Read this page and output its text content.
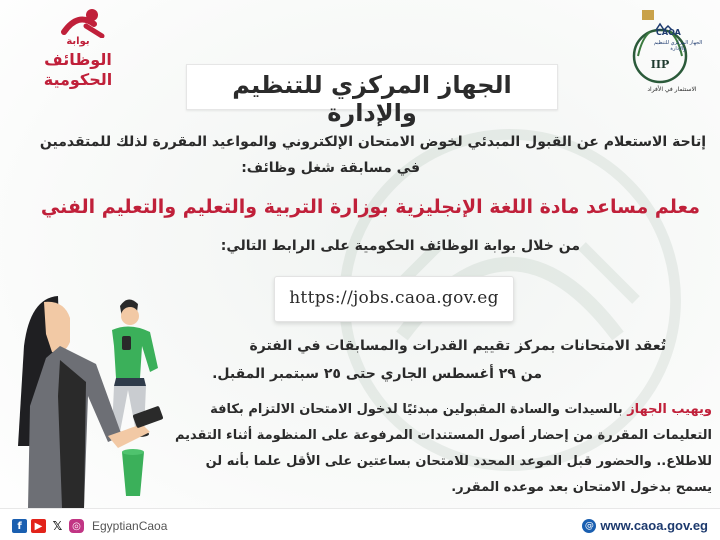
بوابة
الوظائف
الحكومية
CAOA
الجهاز المركزي للتنظيم والإدارة
IIP
الاستثمار في الأفراد
الجهاز المركزي للتنظيم والإدارة
إتاحة الاستعلام عن القبول المبدئي لخوض الامتحان الإلكتروني والمواعيد المقررة لذلك للمتقدمين
في مسابقة شغل وظائف:
معلم مساعد مادة اللغة الإنجليزية بوزارة التربية والتعليم والتعليم الفني
من خلال بوابة الوظائف الحكومية على الرابط التالي:
https://jobs.caoa.gov.eg
تُعقد الامتحانات بمركز تقييم القدرات والمسابقات في الفترة
من ٢٩ أغسطس الجاري حتى ٢٥ سبتمبر المقبل.
ويهيب الجهاز بالسيدات والسادة المقبولين مبدئيًا لدخول الامتحان الالتزام بكافة
التعليمات المقررة من إحضار أصول المستندات المرفوعة على المنظومة أثناء التقديم
للاطلاع.. والحضور قبل الموعد المحدد للامتحان بساعتين على الأقل علما بأنه لن
يسمح بدخول الامتحان بعد موعده المقرر.
f	▶ 𝕏 ◎ EgyptianCaoa	@ www.caoa.gov.eg
